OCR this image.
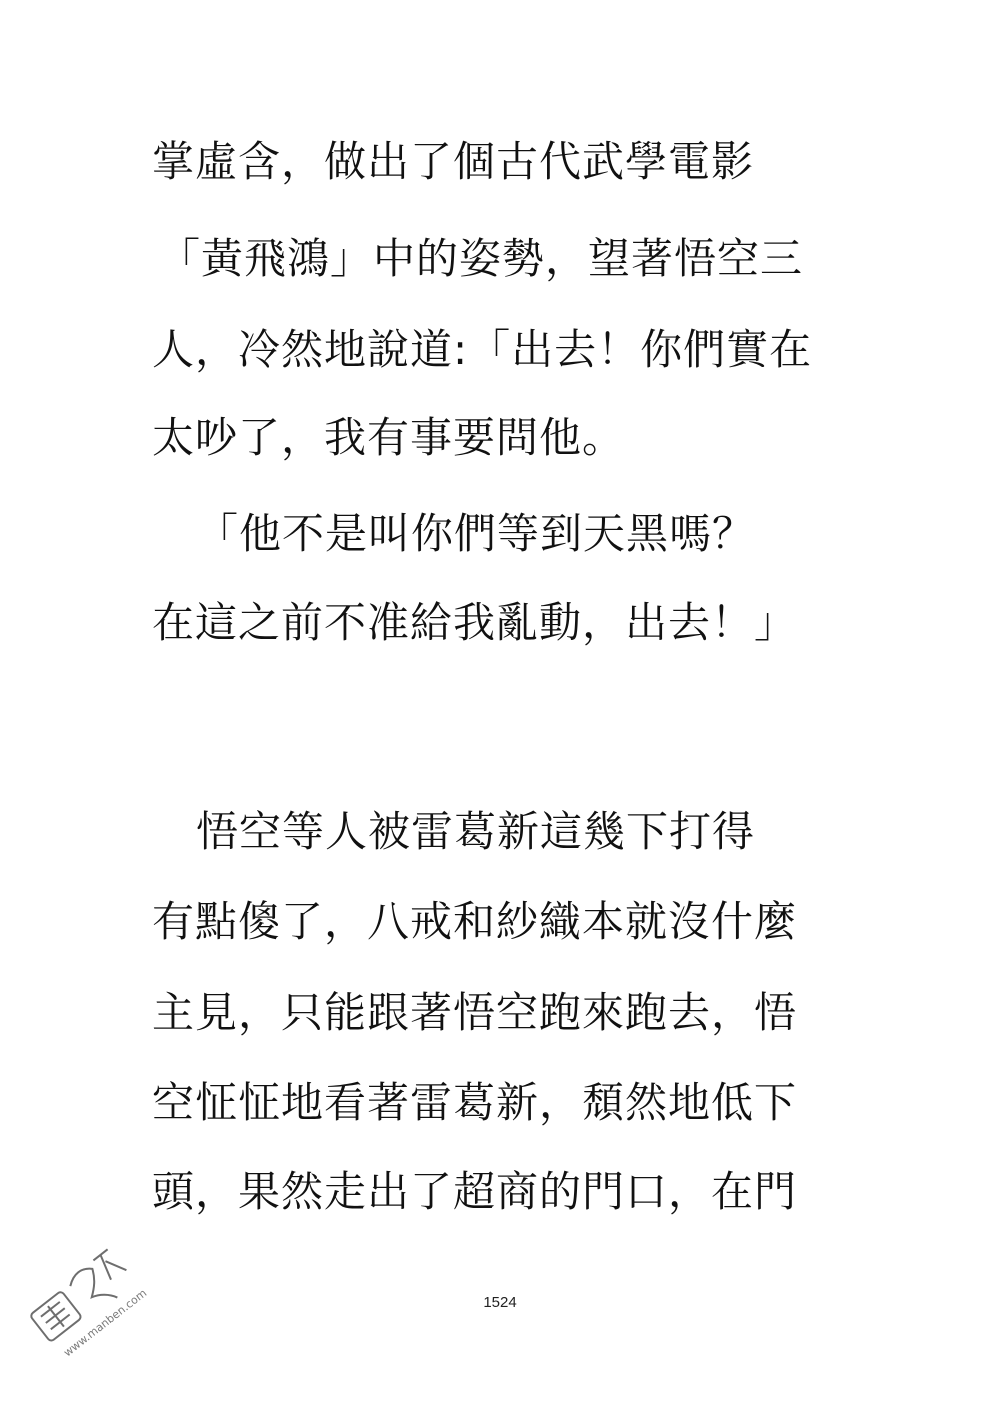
掌虛含，做出了個古代武學電影
「黃飛鴻」中的姿勢，望著悟空三
人，冷然地說道:「出去！你們實在
太吵了，我有事要問他。
「他不是叫你們等到天黑嗎？
在這之前不准給我亂動，出去！」
悟空等人被雷葛新這幾下打得
有點傻了，八戒和紗織本就沒什麼
主見，只能跟著悟空跑來跑去，悟
空怔怔地看著雷葛新，頹然地低下
頭，果然走出了超商的門口，在門
1524
www.manben.com
